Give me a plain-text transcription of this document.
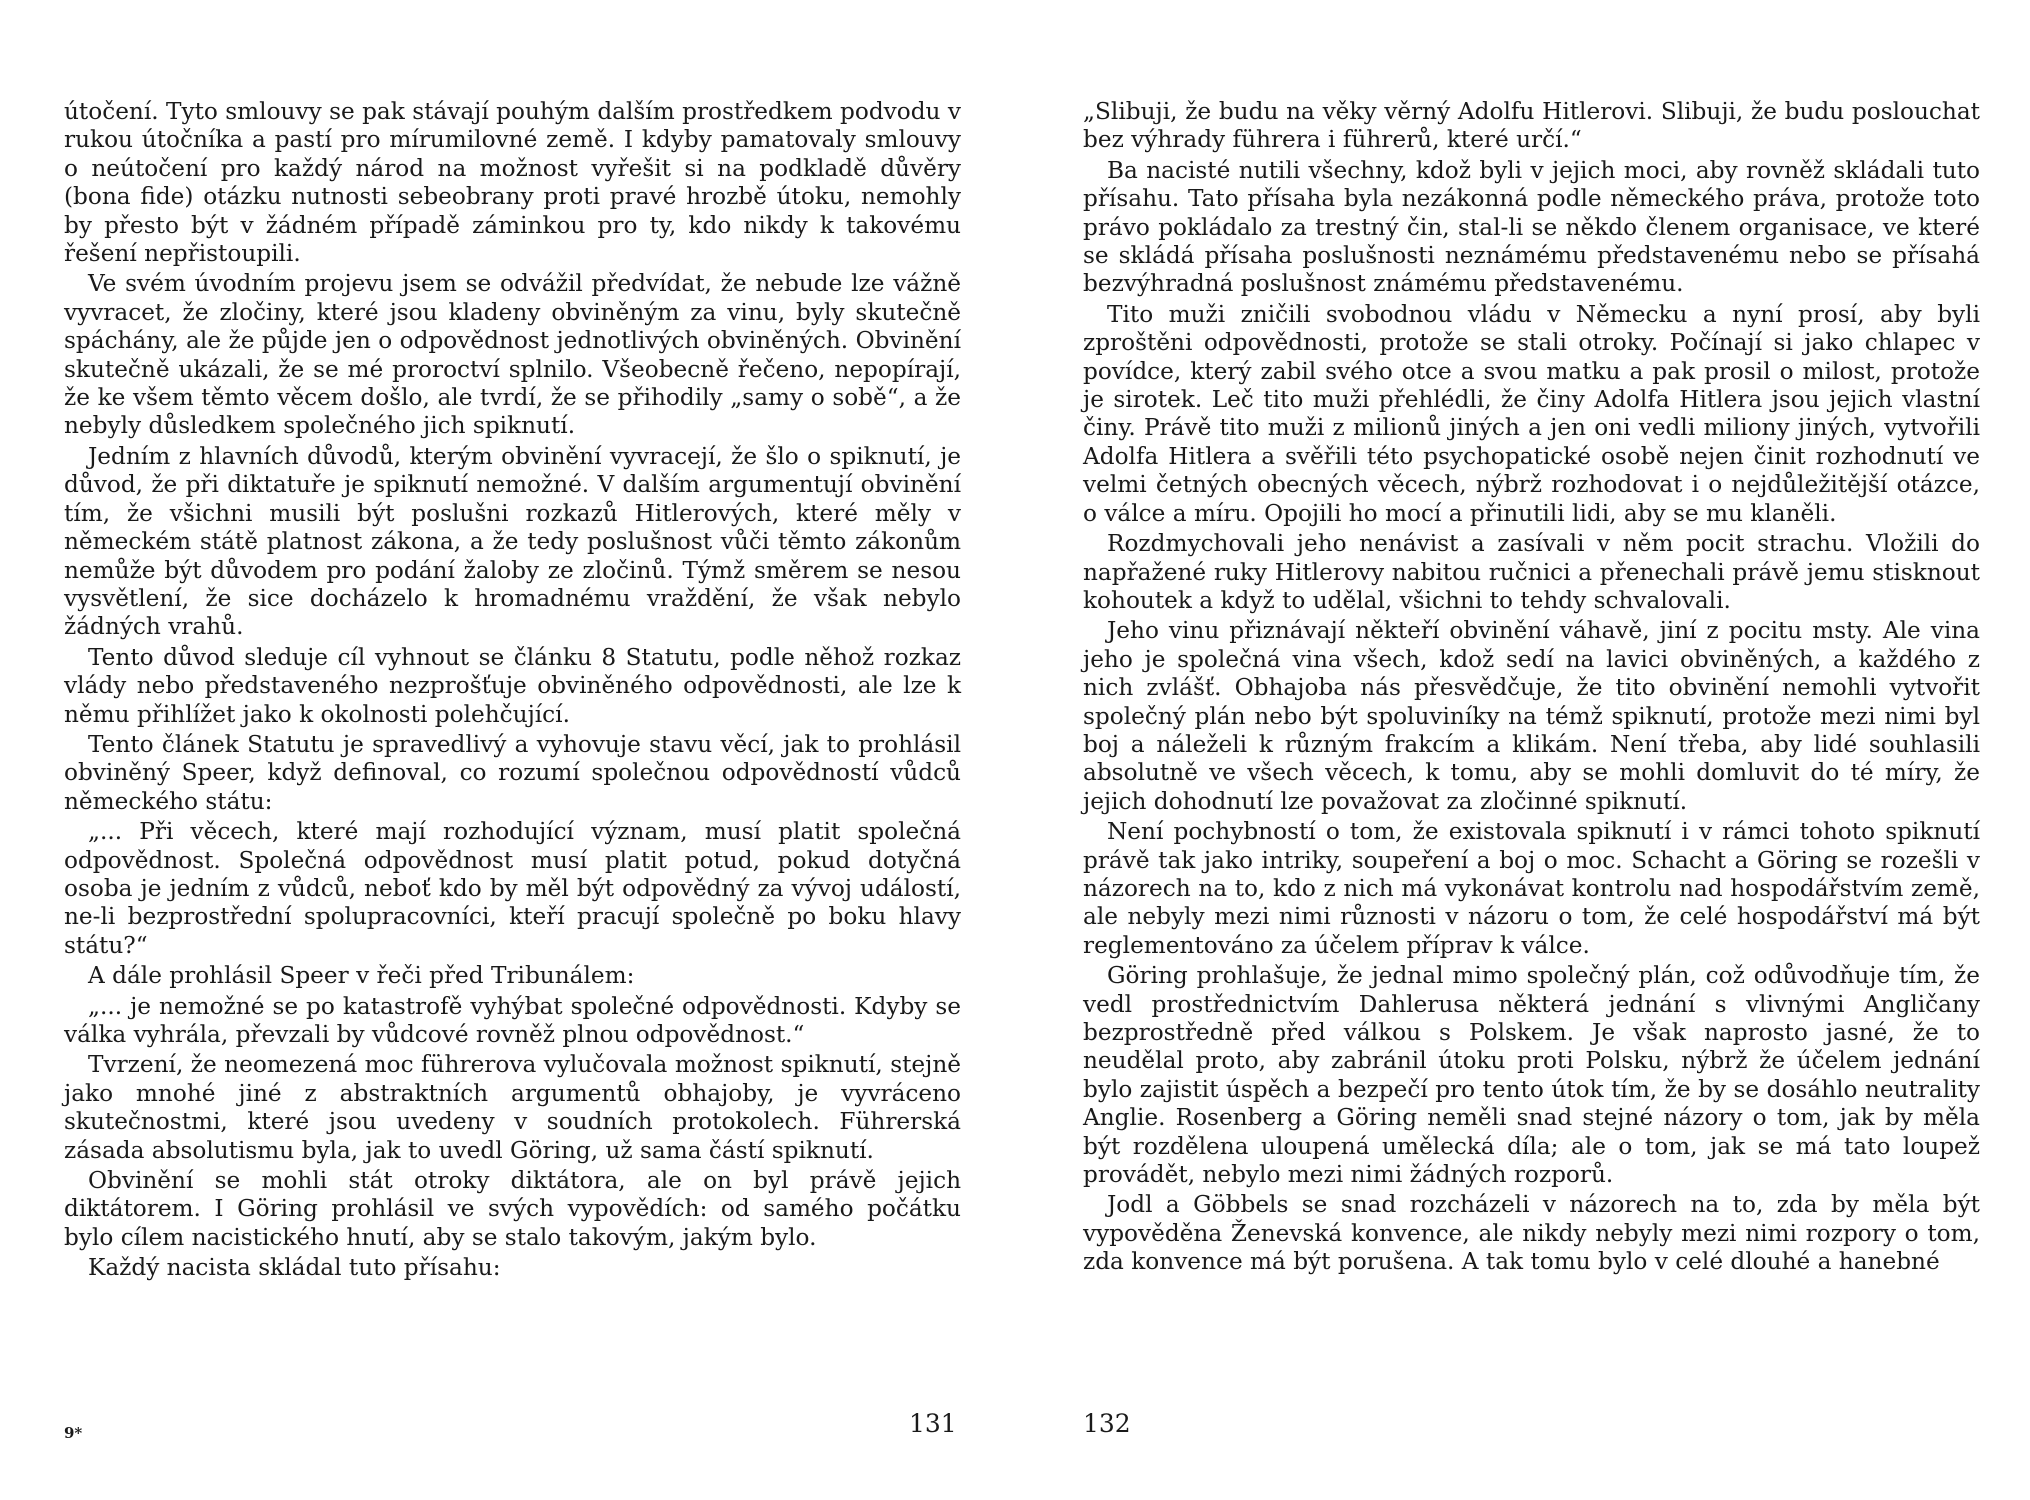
útočení. Tyto smlouvy se pak stávají pouhým dalším prostředkem podvodu v rukou útočníka a pastí pro mírumilovné země. I kdyby pamatovaly smlouvy o neútočení pro každý národ na možnost vyřešit si na podkladě důvěry (bona fide) otázku nutnosti sebeobrany proti pravé hrozbě útoku, nemohly by přesto být v žádném případě záminkou pro ty, kdo nikdy k takovému řešení nepřistoupili.

Ve svém úvodním projevu jsem se odvážil předvídat, že nebude lze vážně vyvracet, že zločiny, které jsou kladeny obviněným za vinu, byly skutečně spáchány, ale že půjde jen o odpovědnost jednotlivých obviněných. Obvinění skutečně ukázali, že se mé proroctví splnilo. Všeobecně řečeno, nepopírají, že ke všem těmto věcem došlo, ale tvrdí, že se přihodily „samy o sobě“, a že nebyly důsledkem společného jich spiknutí.

Jedním z hlavních důvodů, kterým obvinění vyvracejí, že šlo o spiknutí, je důvod, že při diktatuře je spiknutí nemožné. V dalším argumentují obvinění tím, že všichni musili být poslušni rozkazů Hitlerových, které měly v německém státě platnost zákona, a že tedy poslušnost vůči těmto zákonům nemůže být důvodem pro podání žaloby ze zločinů. Týmž směrem se nesou vysvětlení, že sice docházelo k hromadnému vraždění, že však nebylo žádných vrahů.

Tento důvod sleduje cíl vyhnout se článku 8 Statutu, podle něhož rozkaz vlády nebo představeného nezprošťuje obviněného odpovědnosti, ale lze k němu přihlížet jako k okolnosti polehčující.

Tento článek Statutu je spravedlivý a vyhovuje stavu věcí, jak to prohlásil obviněný Speer, když definoval, co rozumí společnou odpovědností vůdců německého státu:

„... Při věcech, které mají rozhodující význam, musí platit společná odpovědnost. Společná odpovědnost musí platit potud, pokud dotyčná osoba je jedním z vůdců, neboť kdo by měl být odpovědný za vývoj událostí, ne-li bezprostřední spolupracovníci, kteří pracují společně po boku hlavy státu?“

A dále prohlásil Speer v řeči před Tribunálem:

„... je nemožné se po katastrofě vyhýbat společné odpovědnosti. Kdyby se válka vyhrála, převzali by vůdcové rovněž plnou odpovědnost.“

Tvrzení, že neomezená moc führerova vylučovala možnost spiknutí, stejně jako mnohé jiné z abstraktních argumentů obhajoby, je vyvráceno skutečnostmi, které jsou uvedeny v soudních protokolech. Führerská zásada absolutismu byla, jak to uvedl Göring, už sama částí spiknutí.

Obvinění se mohli stát otroky diktátora, ale on byl právě jejich diktátorem. I Göring prohlásil ve svých vypovědích: od samého počátku bylo cílem nacistického hnutí, aby se stalo takovým, jakým bylo.

Každý nacista skládal tuto přísahu:

9*	131

„Slibuji, že budu na věky věrný Adolfu Hitlerovi. Slibuji, že budu poslouchat bez výhrady führera i führerů, které určí.“

Ba nacisté nutili všechny, kdož byli v jejich moci, aby rovněž skládali tuto přísahu. Tato přísaha byla nezákonná podle německého práva, protože toto právo pokládalo za trestný čin, stal-li se někdo členem organisace, ve které se skládá přísaha poslušnosti neznámému představenému nebo se přísahá bezvýhradná poslušnost známému představenému.

Tito muži zničili svobodnou vládu v Německu a nyní prosí, aby byli zproštěni odpovědnosti, protože se stali otroky. Počínají si jako chlapec v povídce, který zabil svého otce a svou matku a pak prosil o milost, protože je sirotek. Leč tito muži přehlédli, že činy Adolfa Hitlera jsou jejich vlastní činy. Právě tito muži z milionů jiných a jen oni vedli miliony jiných, vytvořili Adolfa Hitlera a svěřili této psychopatické osobě nejen činit rozhodnutí ve velmi četných obecných věcech, nýbrž rozhodovat i o nejdůležitější otázce, o válce a míru. Opojili ho mocí a přinutili lidi, aby se mu klaněli.

Rozdmychovali jeho nenávist a zasívali v něm pocit strachu. Vložili do napřažené ruky Hitlerovy nabitou ručnici a přenechali právě jemu stisknout kohoutek a když to udělal, všichni to tehdy schvalovali.

Jeho vinu přiznávají někteří obvinění váhavě, jiní z pocitu msty. Ale vina jeho je společná vina všech, kdož sedí na lavici obviněných, a každého z nich zvlášť. Obhajoba nás přesvědčuje, že tito obvinění nemohli vytvořit společný plán nebo být spoluviníky na témž spiknutí, protože mezi nimi byl boj a náleželi k různým frakcím a klikám. Není třeba, aby lidé souhlasili absolutně ve všech věcech, k tomu, aby se mohli domluvit do té míry, že jejich dohodnutí lze považovat za zločinné spiknutí.

Není pochybností o tom, že existovala spiknutí i v rámci tohoto spiknutí právě tak jako intriky, soupeření a boj o moc. Schacht a Göring se rozešli v názorech na to, kdo z nich má vykonávat kontrolu nad hospodářstvím země, ale nebyly mezi nimi různosti v názoru o tom, že celé hospodářství má být reglementováno za účelem příprav k válce.

Göring prohlašuje, že jednal mimo společný plán, což odůvodňuje tím, že vedl prostřednictvím Dahlerusa některá jednání s vlivnými Angličany bezprostředně před válkou s Polskem. Je však naprosto jasné, že to neudělal proto, aby zabránil útoku proti Polsku, nýbrž že účelem jednání bylo zajistit úspěch a bezpečí pro tento útok tím, že by se dosáhlo neutrality Anglie. Rosenberg a Göring neměli snad stejné názory o tom, jak by měla být rozdělena uloupená umělecká díla; ale o tom, jak se má tato loupež provádět, nebylo mezi nimi žádných rozporů.

Jodl a Göbbels se snad rozcházeli v názorech na to, zda by měla být vypověděna Ženevská konvence, ale nikdy nebyly mezi nimi rozpory o tom, zda konvence má být porušena. A tak tomu bylo v celé dlouhé a hanebné

132
